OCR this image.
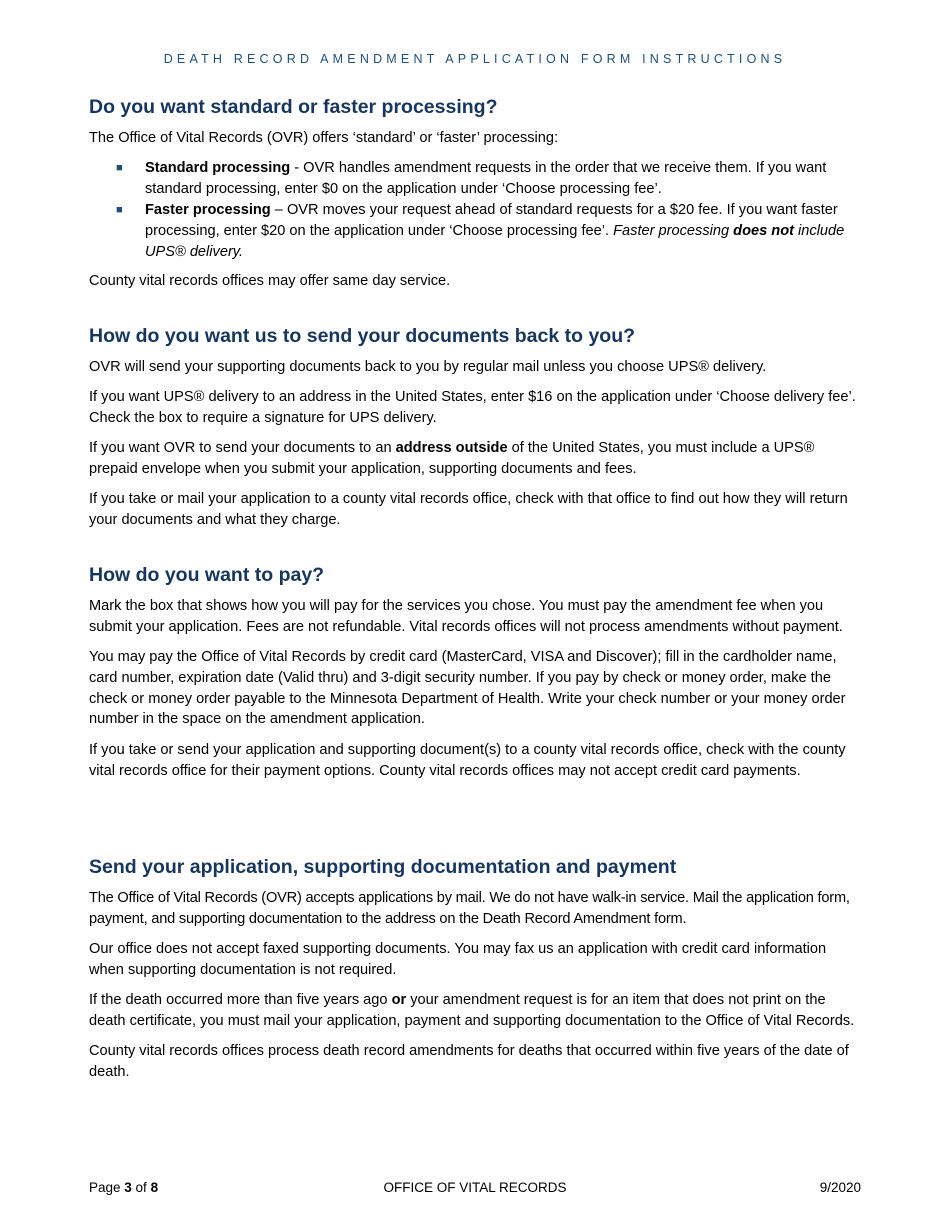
DEATH RECORD AMENDMENT APPLICATION FORM INSTRUCTIONS
Do you want standard or faster processing?

The Office of Vital Records (OVR) offers ‘standard’ or ‘faster’ processing:

■ Standard processing - OVR handles amendment requests in the order that we receive them. If you want standard processing, enter $0 on the application under ‘Choose processing fee’.
■ Faster processing – OVR moves your request ahead of standard requests for a $20 fee. If you want faster processing, enter $20 on the application under ‘Choose processing fee’. Faster processing does not include UPS® delivery.

County vital records offices may offer same day service.

How do you want us to send your documents back to you?

OVR will send your supporting documents back to you by regular mail unless you choose UPS® delivery.

If you want UPS® delivery to an address in the United States, enter $16 on the application under ‘Choose delivery fee’. Check the box to require a signature for UPS delivery.

If you want OVR to send your documents to an address outside of the United States, you must include a UPS® prepaid envelope when you submit your application, supporting documents and fees.

If you take or mail your application to a county vital records office, check with that office to find out how they will return your documents and what they charge.

How do you want to pay?

Mark the box that shows how you will pay for the services you chose. You must pay the amendment fee when you submit your application. Fees are not refundable. Vital records offices will not process amendments without payment.

You may pay the Office of Vital Records by credit card (MasterCard, VISA and Discover); fill in the cardholder name, card number, expiration date (Valid thru) and 3-digit security number. If you pay by check or money order, make the check or money order payable to the Minnesota Department of Health. Write your check number or your money order number in the space on the amendment application.

If you take or send your application and supporting document(s) to a county vital records office, check with the county vital records office for their payment options. County vital records offices may not accept credit card payments.

Send your application, supporting documentation and payment

The Office of Vital Records (OVR) accepts applications by mail. We do not have walk-in service. Mail the application form, payment, and supporting documentation to the address on the Death Record Amendment form.

Our office does not accept faxed supporting documents. You may fax us an application with credit card information when supporting documentation is not required.

If the death occurred more than five years ago or your amendment request is for an item that does not print on the death certificate, you must mail your application, payment and supporting documentation to the Office of Vital Records.

County vital records offices process death record amendments for deaths that occurred within five years of the date of death.

Page 3 of 8	OFFICE OF VITAL RECORDS	9/2020
